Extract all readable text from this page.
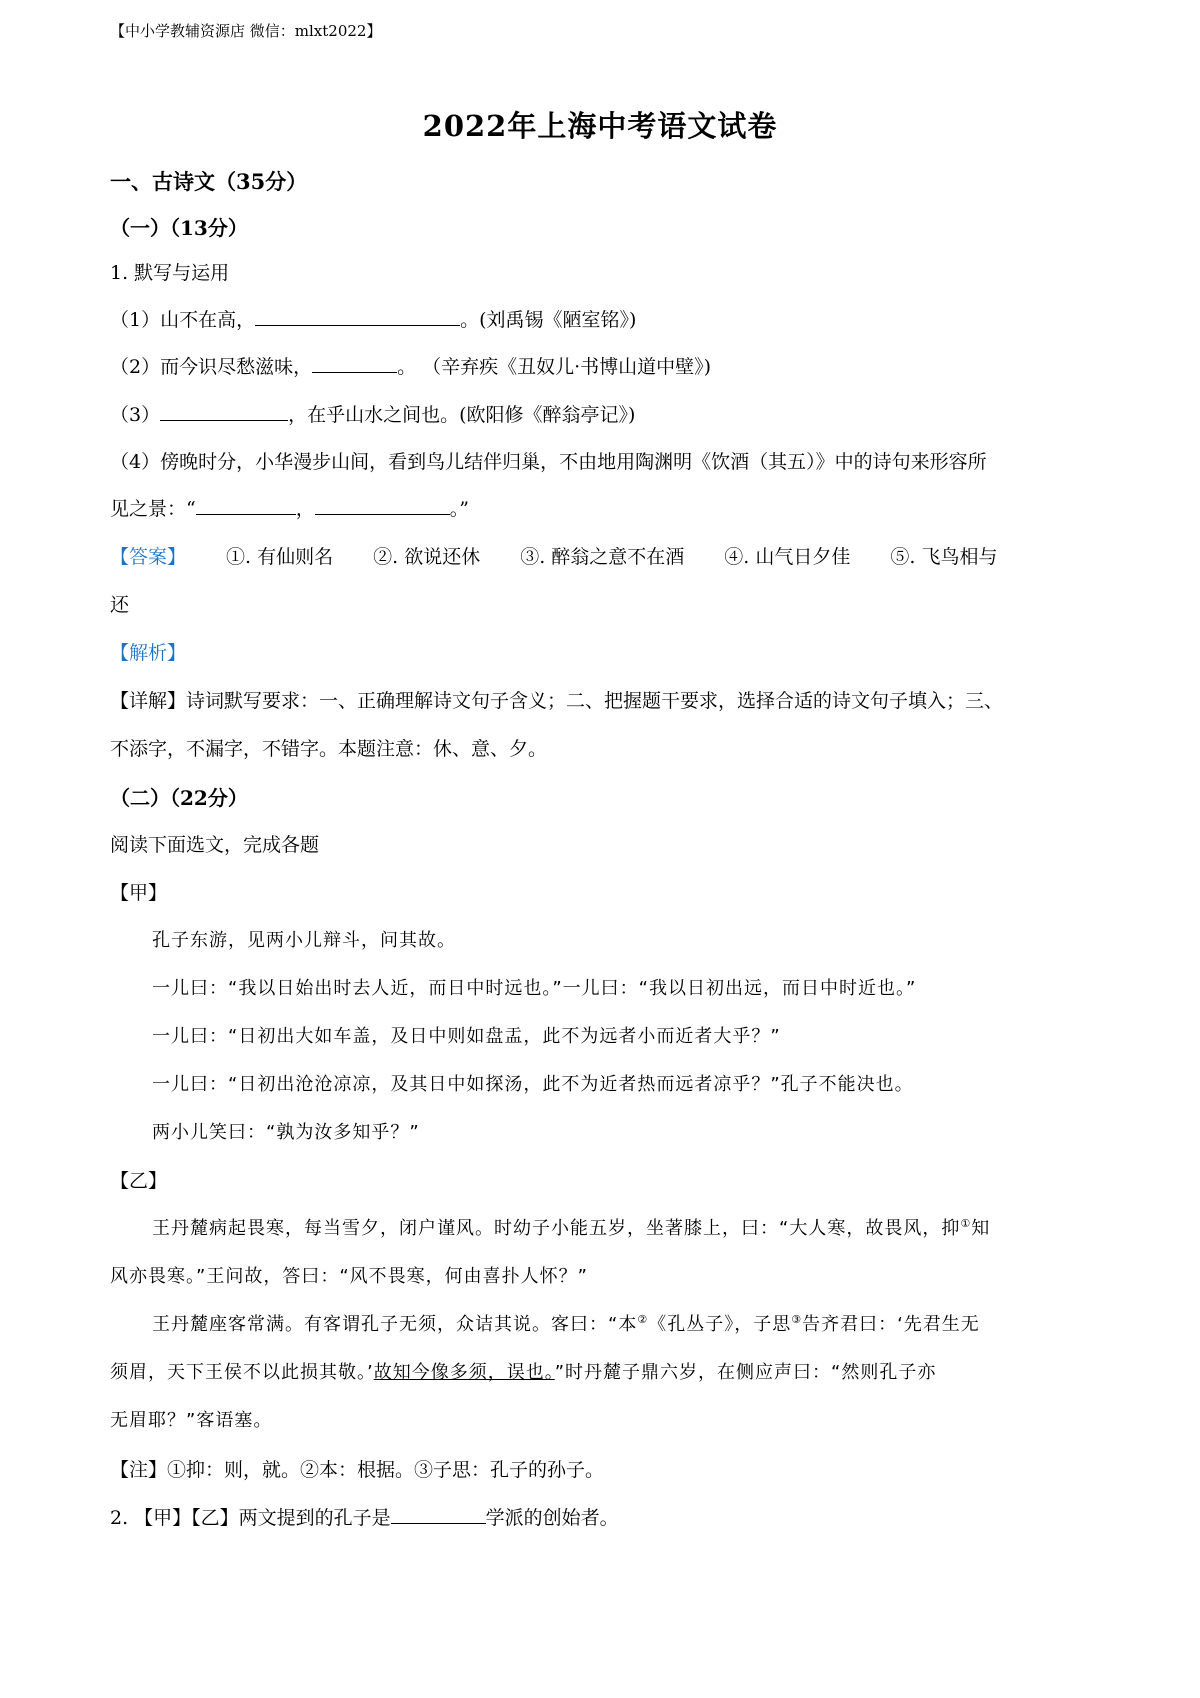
【中小学教辅资源店 微信：mlxt2022】
2022年上海中考语文试卷
一、古诗文（35分）
（一）（13分）
1. 默写与运用
（1）山不在高，	。(刘禹锡《陋室铭》)
（2）而今识尽愁滋味，	。 （辛弃疾《丑奴儿·书博山道中壁》)
（3）	，在乎山水之间也。(欧阳修《醉翁亭记》)
（4）傍晚时分，小华漫步山间，看到鸟儿结伴归巢，不由地用陶渊明《饮酒（其五）》中的诗句来形容所
见之景：“	，	。”
【答案】 ①. 有仙则名 ②. 欲说还休 ③. 醉翁之意不在酒 ④. 山气日夕佳 ⑤. 飞鸟相与
还
【解析】
【详解】诗词默写要求：一、正确理解诗文句子含义；二、把握题干要求，选择合适的诗文句子填入；三、
不添字，不漏字，不错字。本题注意：休、意、夕。
（二）（22分）
阅读下面选文，完成各题
【甲】
孔子东游，见两小儿辩斗，问其故。
一儿曰：“我以日始出时去人近，而日中时远也。”一儿曰：“我以日初出远，而日中时近也。”
一儿曰：“日初出大如车盖，及日中则如盘盂，此不为远者小而近者大乎？”
一儿曰：“日初出沧沧凉凉，及其日中如探汤，此不为近者热而远者凉乎？”孔子不能决也。
两小儿笑曰：“孰为汝多知乎？”
【乙】
王丹麓病起畏寒，每当雪夕，闭户谨风。时幼子小能五岁，坐著膝上，曰：“大人寒，故畏风，抑①知
风亦畏寒。”王问故，答曰：“风不畏寒，何由喜扑人怀？”
王丹麓座客常满。有客谓孔子无须，众诘其说。客曰：“本②《孔丛子》，子思③告齐君曰：‘先君生无
须眉，天下王侯不以此损其敬。’故知今像多须，误也。”时丹麓子鼎六岁，在侧应声曰：“然则孔子亦
无眉耶？”客语塞。
【注】①抑：则，就。②本：根据。③子思：孔子的孙子。
2. 【甲】【乙】两文提到的孔子是	学派的创始者。
